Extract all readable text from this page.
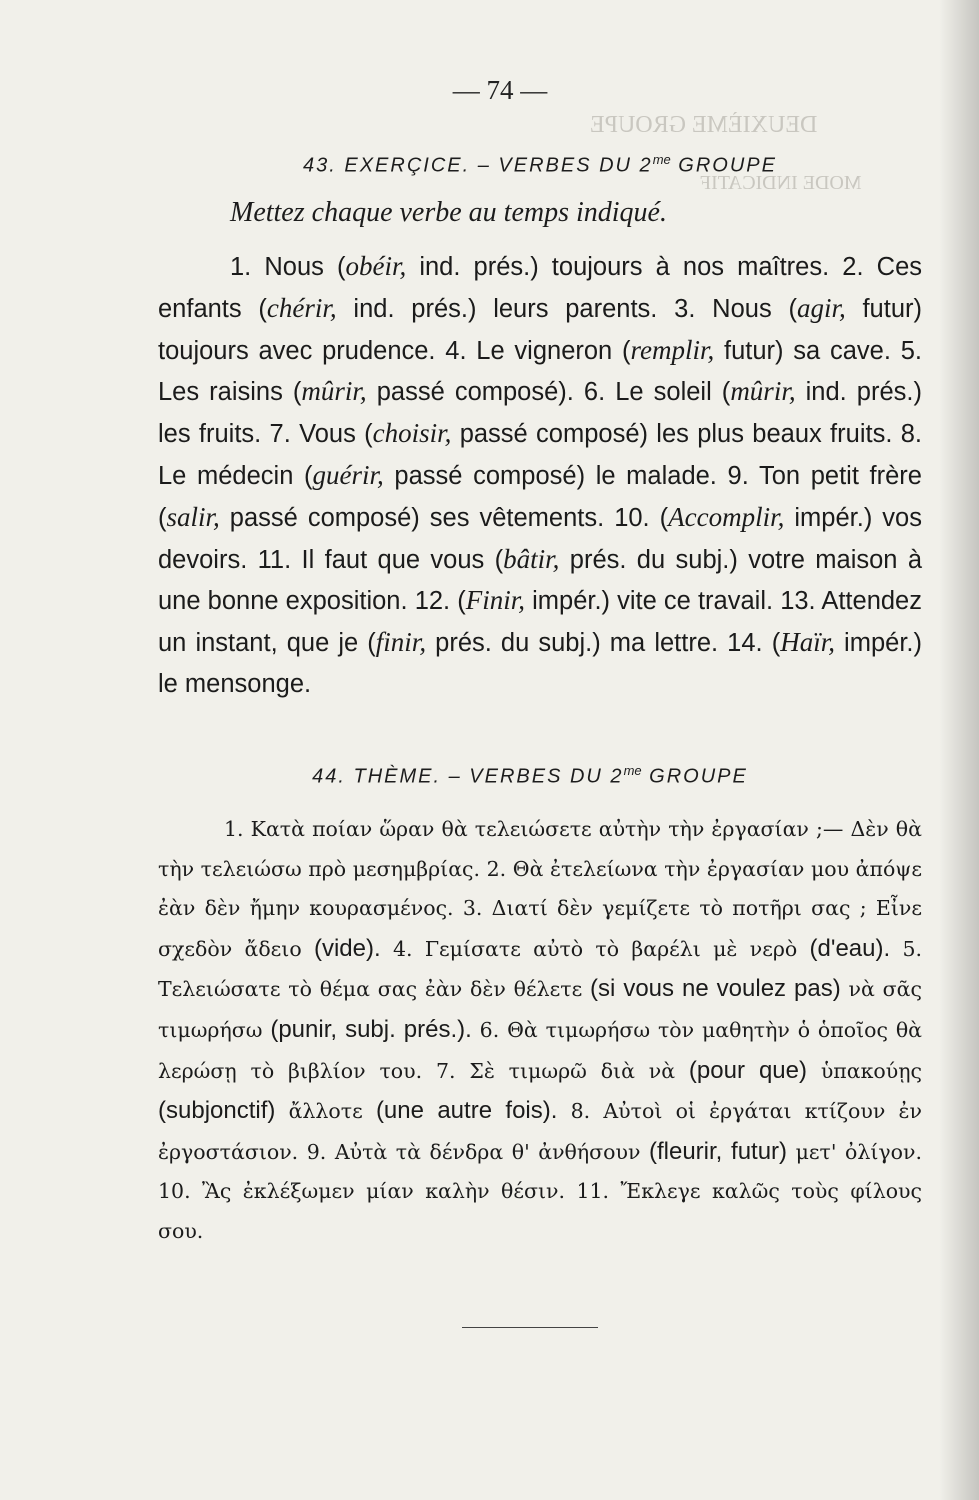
DEUXIÈME GROUPE
MODE INDICATIF
— 74 —
43. EXERÇICE. – VERBES DU $2^{me}$ GROUPE
Mettez chaque verbe au temps indiqué.
1. Nous (obéir, ind. prés.) toujours à nos maîtres. 2. Ces enfants (chérir, ind. prés.) leurs parents. 3. Nous (agir, futur) toujours avec prudence. 4. Le vigneron (remplir, futur) sa cave. 5. Les raisins (mûrir, passé composé). 6. Le soleil (mûrir, ind. prés.) les fruits. 7. Vous (choisir, passé composé) les plus beaux fruits. 8. Le médecin (guérir, passé composé) le malade. 9. Ton petit frère (salir, passé composé) ses vêtements. 10. (Accomplir, impér.) vos devoirs. 11. Il faut que vous (bâtir, prés. du subj.) votre maison à une bonne exposition. 12. (Finir, impér.) vite ce travail. 13. Attendez un instant, que je (finir, prés. du subj.) ma lettre. 14. (Haïr, impér.) le mensonge.
44. THÈME. – VERBES DU $2^{me}$ GROUPE
1. Κατὰ ποίαν ὥραν θὰ τελειώσετε αὐτὴν τὴν ἐργασίαν ;— Δὲν θὰ τὴν τελειώσω πρὸ μεσημβρίας. 2. Θὰ ἐτελείωνα τὴν ἐργασίαν μου ἀπόψε ἐὰν δὲν ἤμην κουρασμένος. 3. Διατί δὲν γεμίζετε τὸ ποτῆρι σας ; Εἶνε σχεδὸν ἄδειο (vide). 4. Γεμίσατε αὐτὸ τὸ βαρέλι μὲ νερὸ (d'eau). 5. Τελειώσατε τὸ θέμα σας ἐὰν δὲν θέλετε (si vous ne voulez pas) νὰ σᾶς τιμωρήσω (punir, subj. prés.). 6. Θὰ τιμωρήσω τὸν μαθητὴν ὁ ὁποῖος θὰ λερώσῃ τὸ βιβλίον του. 7. Σὲ τιμωρῶ διὰ νὰ (pour que) ὑπακούῃς (subjonctif) ἄλλοτε (une autre fois). 8. Αὐτοὶ οἱ ἐργάται κτίζουν ἐν ἐργοστάσιον. 9. Αὐτὰ τὰ δένδρα θ' ἀνθήσουν (fleurir, futur) μετ' ὀλίγον. 10. Ἂς ἐκλέξωμεν μίαν καλὴν θέσιν. 11. Ἔκλεγε καλῶς τοὺς φίλους σου.
